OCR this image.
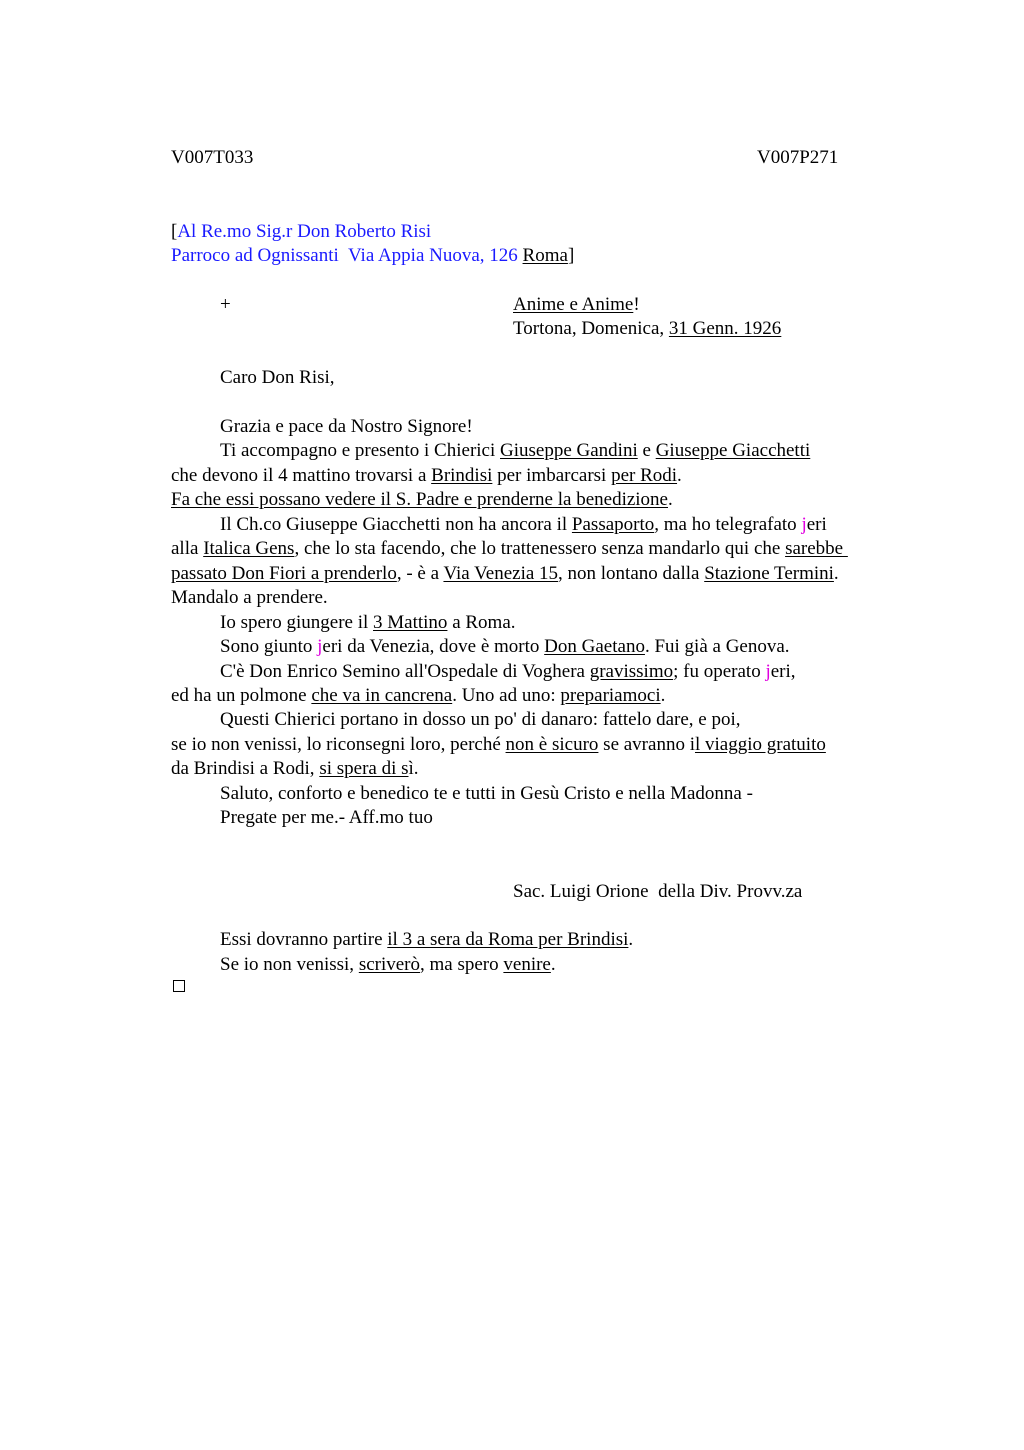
V007T033	V007P271
[Al Re.mo Sig.r Don Roberto Risi
Parroco ad Ognissanti  Via Appia Nuova, 126 Roma]
+	Anime e Anime!
Tortona, Domenica, 31 Genn. 1926
Caro Don Risi,
Grazia e pace da Nostro Signore!
Ti accompagno e presento i Chierici Giuseppe Gandini e Giuseppe Giacchetti
che devono il 4 mattino trovarsi a Brindisi per imbarcarsi per Rodi.
Fa che essi possano vedere il S. Padre e prenderne la benedizione.
Il Ch.co Giuseppe Giacchetti non ha ancora il Passaporto, ma ho telegrafato jeri
alla Italica Gens, che lo sta facendo, che lo trattenessero senza mandarlo qui che sarebbe
passato Don Fiori a prenderlo, - è a Via Venezia 15, non lontano dalla Stazione Termini.
Mandalo a prendere.
Io spero giungere il 3 Mattino a Roma.
Sono giunto jeri da Venezia, dove è morto Don Gaetano. Fui già a Genova.
C'è Don Enrico Semino all'Ospedale di Voghera gravissimo; fu operato jeri,
ed ha un polmone che va in cancrena. Uno ad uno: prepariamoci.
Questi Chierici portano in dosso un po' di danaro: fattelo dare, e poi,
se io non venissi, lo riconsegni loro, perché non è sicuro se avranno il viaggio gratuito
da Brindisi a Rodi, si spera di sì.
Saluto, conforto e benedico te e tutti in Gesù Cristo e nella Madonna -
Pregate per me.- Aff.mo tuo
Sac. Luigi Orione  della Div. Provv.za
Essi dovranno partire il 3 a sera da Roma per Brindisi.
Se io non venissi, scriverò, ma spero venire.
